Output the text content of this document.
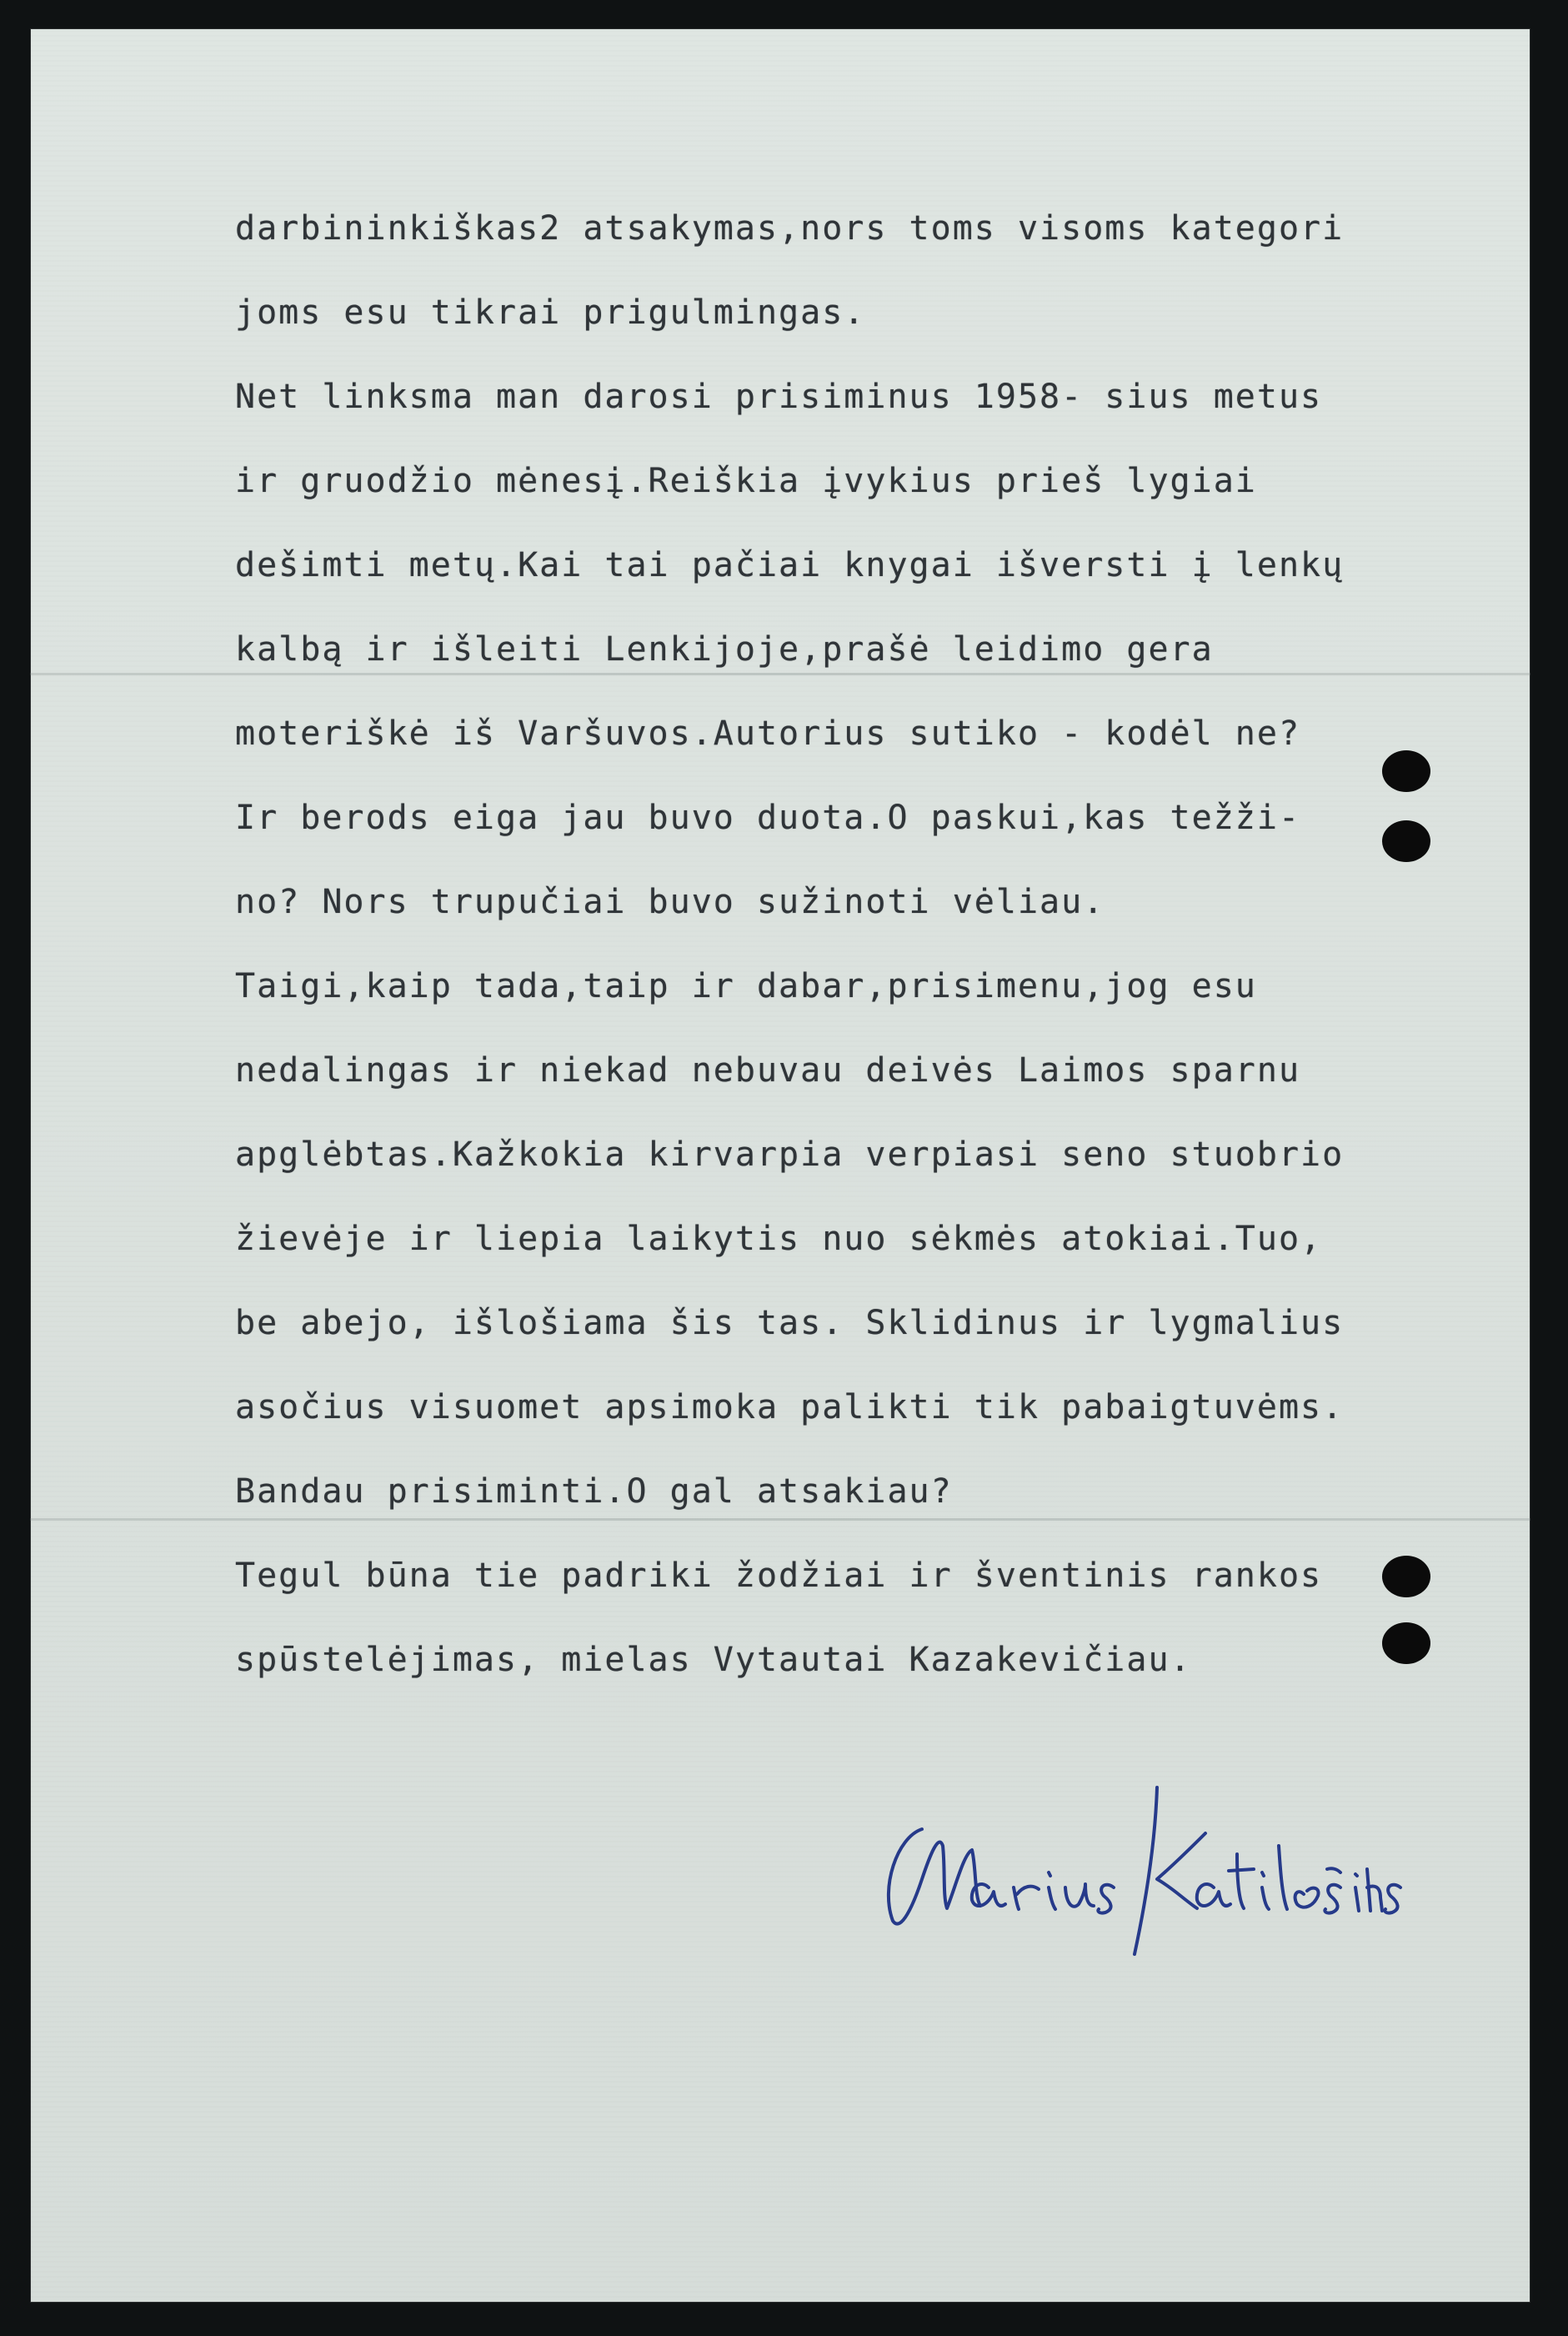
darbininkiškas2 atsakymas,nors toms visoms kategori
joms esu tikrai prigulmingas.
Net linksma man darosi prisiminus 1958- sius metus
ir gruodžio mėnesį.Reiškia įvykius prieš lygiai
dešimti metų.Kai tai pačiai knygai išversti į lenkų
kalbą ir išleiti Lenkijoje,prašė leidimo gera
moteriškė iš Varšuvos.Autorius sutiko - kodėl ne?
Ir berods eiga jau buvo duota.O paskui,kas težži-
no? Nors trupučiai buvo sužinoti vėliau.
Taigi,kaip tada,taip ir dabar,prisimenu,jog esu
nedalingas ir niekad nebuvau deivės Laimos sparnu
apglėbtas.Kažkokia kirvarpia verpiasi seno stuobrio
žievėje ir liepia laikytis nuo sėkmės atokiai.Tuo,
be abejo, išlošiama šis tas. Sklidinus ir lygmalius
asočius visuomet apsimoka palikti tik pabaigtuvėms.
Bandau prisiminti.O gal atsakiau?
Tegul būna tie padriki žodžiai ir šventinis rankos
spūstelėjimas, mielas Vytautai Kazakevičiau.
